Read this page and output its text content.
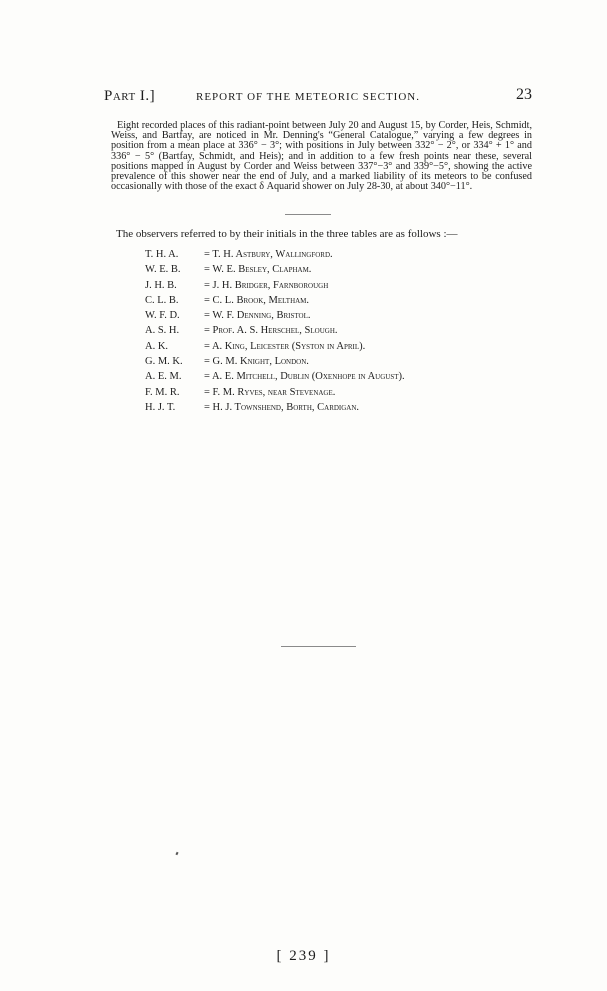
Part I.]	REPORT OF THE METEORIC SECTION.	23

Eight recorded places of this radiant-point between July 20 and August 15, by Corder, Heis, Schmidt, Weiss, and Bartfay, are noticed in Mr. Denning's “General Catalogue,” varying a few degrees in position from a mean place at 336° − 3°; with positions in July between 332° − 2°, or 334° + 1° and 336° − 5° (Bartfay, Schmidt, and Heis); and in addition to a few fresh points near these, several positions mapped in August by Corder and Weiss between 337°−3° and 339°−5°, showing the active prevalence of this shower near the end of July, and a marked liability of its meteors to be confused occasionally with those of the exact δ Aquarid shower on July 28-30, at about 340°−11°.

The observers referred to by their initials in the three tables are as follows :—

T. H. A. = T. H. Astbury, Wallingford.
W. E. B. = W. E. Besley, Clapham.
J. H. B.	= J. H. Bridger, Farnborough
C. L. B. = C. L. Brook, Meltham.
W. F. D. = W. F. Denning, Bristol.
A. S. H. = Prof. A. S. Herschel, Slough.
A. K.	= A. King, Leicester (Syston in April).
G. M. K. = G. M. Knight, London.
A. E. M. = A. E. Mitchell, Dublin (Oxenhope in August).
F. M. R. = F. M. Ryves, near Stevenage.
H. J. T.	= H. J. Townshend, Borth, Cardigan.
[ 239 ]
